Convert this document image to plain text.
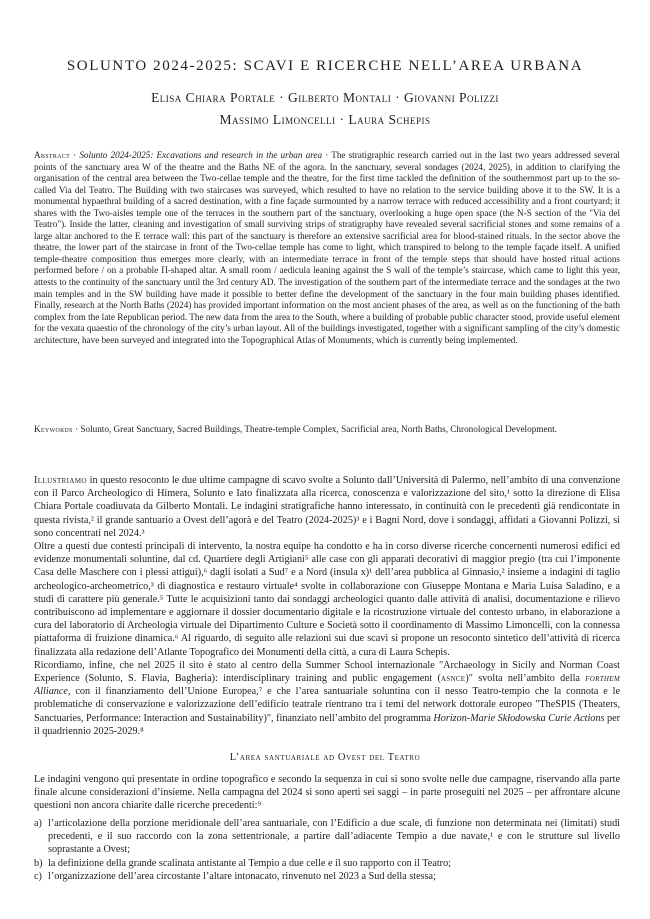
SOLUNTO 2024-2025: SCAVI E RICERCHE NELL’AREA URBANA
Elisa Chiara Portale · Gilberto Montali · Giovanni Polizzi
Massimo Limoncelli · Laura Schepis
Abstract · Solunto 2024-2025: Excavations and research in the urban area · The stratigraphic research carried out in the last two years addressed several points of the sanctuary area W of the theatre and the Baths NE of the agora. In the sanctuary, several sondages (2024, 2025), in addition to clarifying the organisation of the central area between the Two-cellae temple and the theatre, for the first time tackled the definition of the southernmost part up to the so-called Via del Teatro. The Building with two staircases was surveyed, which resulted to have no relation to the service building above it to the SW. It is a monumental hypaethral building of a sacred destination, with a fine façade surmounted by a narrow terrace with reduced accessibility and a front courtyard; it shares with the Two-aisles temple one of the terraces in the southern part of the sanctuary, overlooking a huge open space (the N-S section of the "Via del Teatro"). Inside the latter, cleaning and investigation of small surviving strips of stratigraphy have revealed several sacrificial stones and some remains of a large altar anchored to the E terrace wall: this part of the sanctuary is therefore an extensive sacrificial area for blood-stained rituals. In the sector above the theatre, the lower part of the staircase in front of the Two-cellae temple has come to light, which transpired to belong to the temple façade itself. A unified temple-theatre composition thus emerges more clearly, with an intermediate terrace in front of the temple steps that should have hosted ritual actions performed before / on a probable Π-shaped altar. A small room / aedicula leaning against the S wall of the temple’s staircase, which came to light this year, attests to the continuity of the sanctuary until the 3rd century AD. The investigation of the southern part of the intermediate terrace and the sondages at the two main temples and in the SW building have made it possible to better define the development of the sanctuary in the four main building phases identified. Finally, research at the North Baths (2024) has provided important information on the most ancient phases of the area, as well as on the functioning of the bath complex from the late Republican period. The new data from the area to the South, where a building of probable public character stood, provide useful element for the vexata quaestio of the chronology of the city’s urban layout. All of the buildings investigated, together with a significant sampling of the city’s domestic architecture, have been surveyed and integrated into the Topographical Atlas of Monuments, which is currently being implemented.
Keywords · Solunto, Great Sanctuary, Sacred Buildings, Theatre-temple Complex, Sacrificial area, North Baths, Chronological Development.

Illustriamo in questo resoconto le due ultime campagne di scavo svolte a Solunto dall’Università di Palermo, nell’ambito di una convenzione con il Parco Archeologico di Himera, Solunto e Iato finalizzata alla ricerca, conoscenza e valorizzazione del sito,¹ sotto la direzione di Elisa Chiara Portale coadiuvata da Gilberto Montali. Le indagini stratigrafiche hanno interessato, in continuità con le precedenti già rendicontate in questa rivista,² il grande santuario a Ovest dell’agorà e del Teatro (2024-2025)³ e i Bagni Nord, dove i sondaggi, affidati a Giovanni Polizzi, si sono concentrati nel 2024.³

Oltre a questi due contesti principali di intervento, la nostra equipe ha condotto e ha in corso diverse ricerche concernenti numerosi edifici ed evidenze monumentali soluntine, dal cd. Quartiere degli Artigiani⁵ alle case con gli apparati decorativi di maggior pregio (tra cui l’imponente Casa delle Maschere con i plessi attigui),⁶ dagli isolati a Sud⁷ e a Nord (insula x)¹ dell’area pubblica al Ginnasio,² insieme a indagini di taglio archeologico-archeometrico,³ di diagnostica e restauro virtuale⁴ svolte in collaborazione con Giuseppe Montana e Maria Luisa Saladino, e a studi di carattere più generale.⁵ Tutte le acquisizioni tanto dai sondaggi archeologici quanto dalle attività di analisi, documentazione e rilievo contribuiscono ad implementare e aggiornare il dossier documentario digitale e la ricostruzione virtuale del contesto urbano, in elaborazione a cura del laboratorio di Archeologia virtuale del Dipartimento Culture e Società sotto il coordinamento di Massimo Limoncelli, con la connessa piattaforma di fruizione dinamica.⁶ Al riguardo, di seguito alle relazioni sui due scavi si propone un resoconto sintetico dell’attività di ricerca finalizzata alla redazione dell’Atlante Topografico dei Monumenti della città, a cura di Laura Schepis.

Ricordiamo, infine, che nel 2025 il sito è stato al centro della Summer School internazionale "Archaeology in Sicily and Norman Coast Experience (Solunto, S. Flavia, Bagheria): interdisciplinary training and public engagement (asnce)" svolta nell’ambito della forthem Alliance, con il finanziamento dell’Unione Europea,⁷ e che l’area santuariale soluntina con il nesso Teatro-tempio che la connota e le problematiche di conservazione e valorizzazione dell’edificio teatrale rientrano tra i temi del network dottorale europeo "TheSPIS (Theaters, Sanctuaries, Performance: Interaction and Sustainability)", finanziato nell’ambito del programma Horizon-Marie Skłodowska Curie Actions per il quadriennio 2025-2029.⁸

L’area santuariale ad Ovest del Teatro
Le indagini vengono qui presentate in ordine topografico e secondo la sequenza in cui si sono svolte nelle due campagne, riservando alla parte finale alcune considerazioni d’insieme. Nella campagna del 2024 si sono aperti sei saggi – in parte proseguiti nel 2025 – per affrontare alcune questioni non ancora chiarite dalle ricerche precedenti:⁹
a) l’articolazione della porzione meridionale dell’area santuariale, con l’Edificio a due scale, di funzione non determinata nei (limitati) studi precedenti, e il suo raccordo con la zona settentrionale, a partire dall’adiacente Tempio a due navate,¹ e con le strutture sul livello soprastante a Ovest;
b) la definizione della grande scalinata antistante al Tempio a due celle e il suo rapporto con il Teatro;
c) l’organizzazione dell’area circostante l’altare intonacato, rinvenuto nel 2023 a Sud della stessa;
